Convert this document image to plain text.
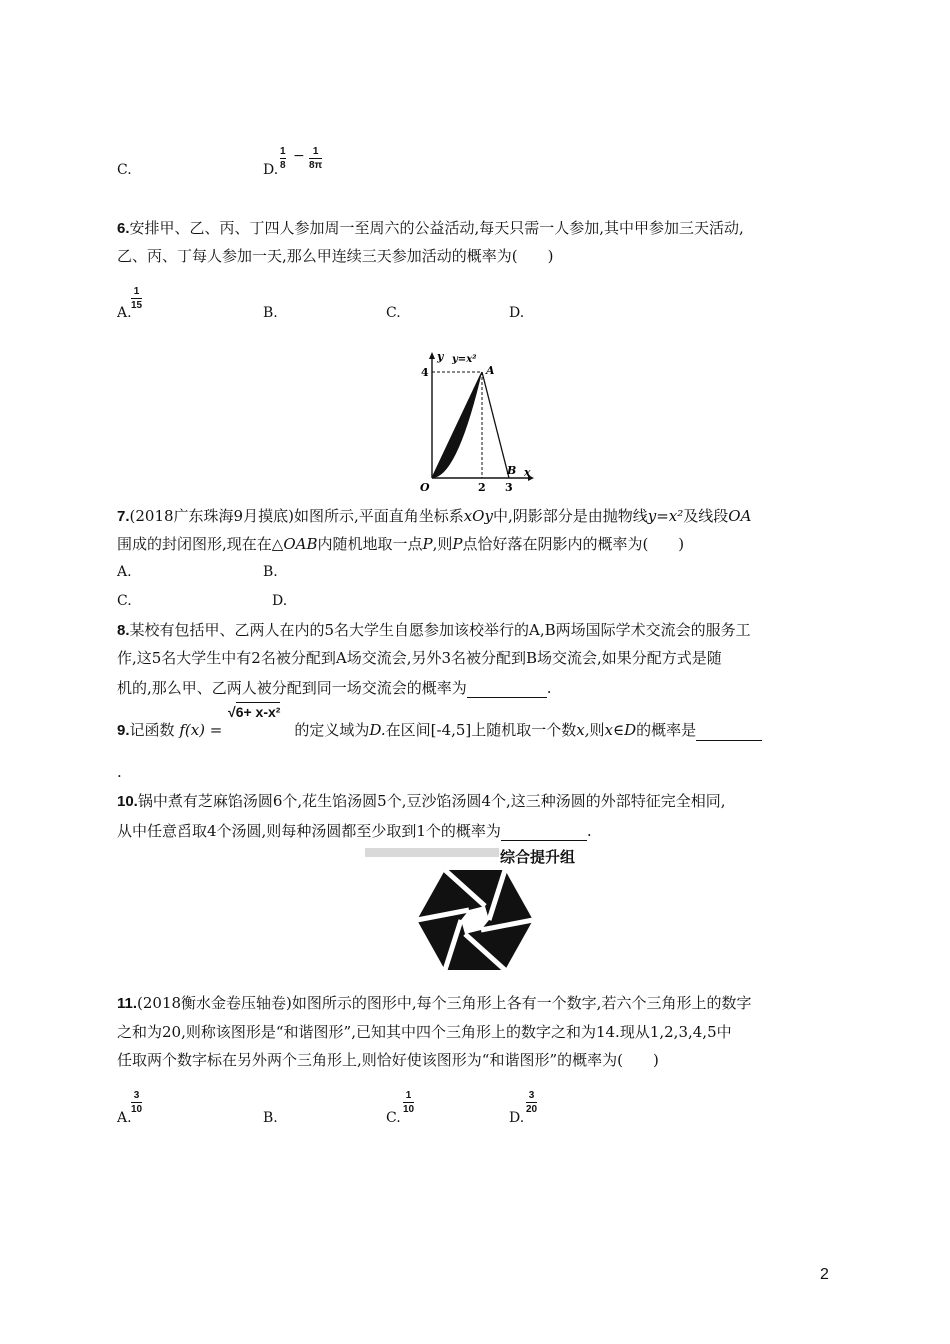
C.	D.
1
8
− 1
8π
6.安排甲、乙、丙、丁四人参加周一至周六的公益活动,每天只需一人参加,其中甲参加三天活动,
乙、丙、丁每人参加一天,那么甲连续三天参加活动的概率为(　　)
A.
1
15	B.	C.	D.
y y=x²
A
4
B x
O	2 3
7.(2018广东珠海9月摸底)如图所示,平面直角坐标系xOy中,阴影部分是由抛物线y=x²及线段OA
围成的封闭图形,现在在△OAB内随机地取一点P,则P点恰好落在阴影内的概率为(　　)
A.	B.
C.	D.
8.某校有包括甲、乙两人在内的5名大学生自愿参加该校举行的A,B两场国际学术交流会的服务工
作,这5名大学生中有2名被分配到A场交流会,另外3名被分配到B场交流会,如果分配方式是随
机的,那么甲、乙两人被分配到同一场交流会的概率为	.
9.记函数 f(x) =	的定义域为D.在区间[-4,5]上随机取一个数x,则x∈D的概率是
√6+ x-x²
.
10.锅中煮有芝麻馅汤圆6个,花生馅汤圆5个,豆沙馅汤圆4个,这三种汤圆的外部特征完全相同,
从中任意舀取4个汤圆,则每种汤圆都至少取到1个的概率为	.
综合提升组
11.(2018衡水金卷压轴卷)如图所示的图形中,每个三角形上各有一个数字,若六个三角形上的数字
之和为20,则称该图形是“和谐图形”,已知其中四个三角形上的数字之和为14.现从1,2,3,4,5中
任取两个数字标在另外两个三角形上,则恰好使该图形为“和谐图形”的概率为(　　)
A.
3
10
B.	C.
1
10
D.
3
20
2
